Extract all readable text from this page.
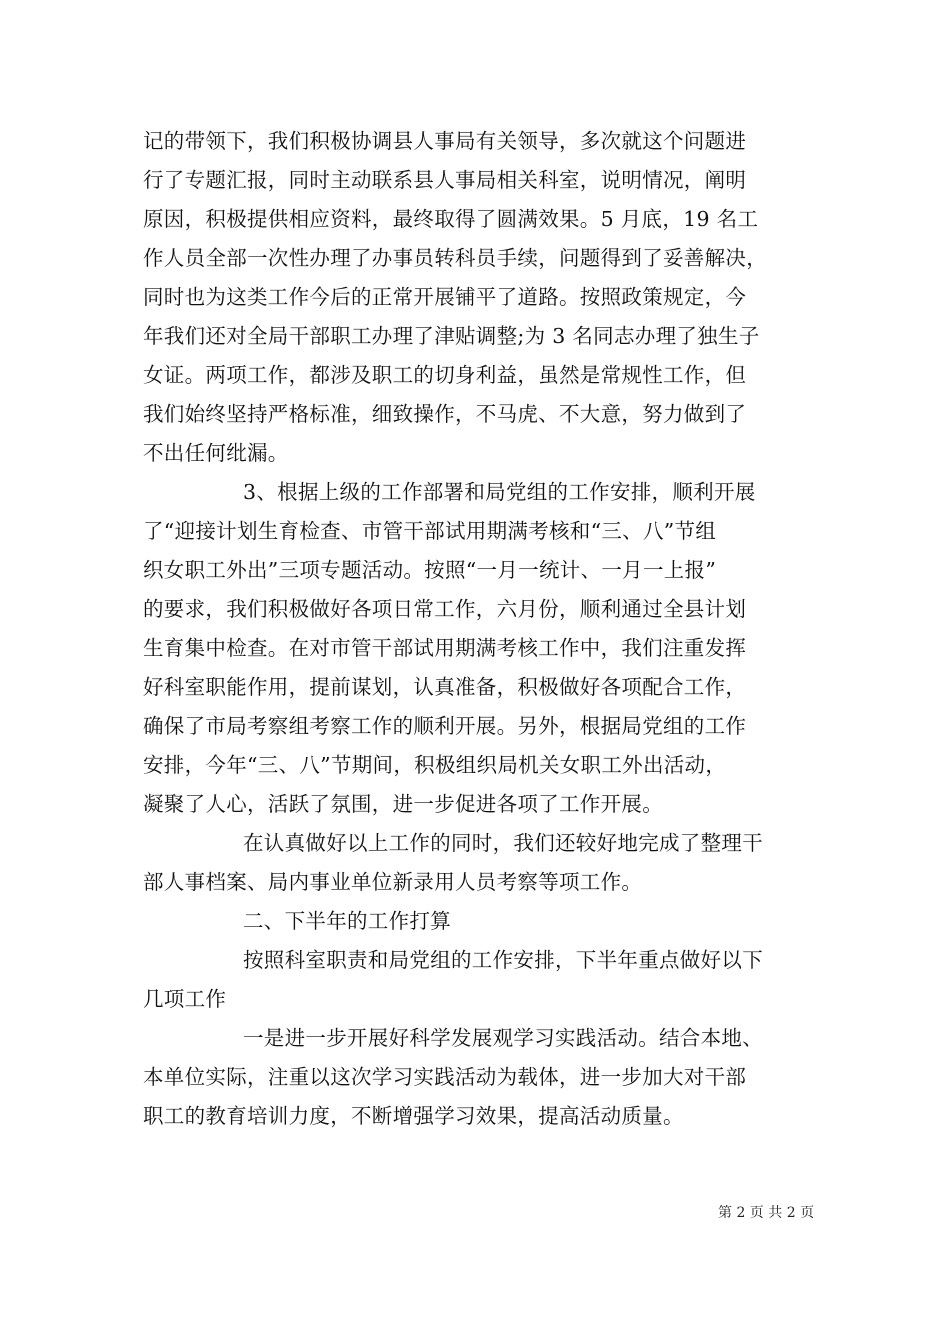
记的带领下，我们积极协调县人事局有关领导，多次就这个问题进
行了专题汇报，同时主动联系县人事局相关科室，说明情况，阐明
原因，积极提供相应资料，最终取得了圆满效果。5 月底，19 名工
作人员全部一次性办理了办事员转科员手续，问题得到了妥善解决，
同时也为这类工作今后的正常开展铺平了道路。按照政策规定，今
年我们还对全局干部职工办理了津贴调整;为 3 名同志办理了独生子
女证。两项工作，都涉及职工的切身利益，虽然是常规性工作，但
我们始终坚持严格标准，细致操作，不马虎、不大意，努力做到了
不出任何纰漏。
3、根据上级的工作部署和局党组的工作安排，顺利开展
了“迎接计划生育检查、市管干部试用期满考核和“三、八”节组
织女职工外出”三项专题活动。按照“一月一统计、一月一上报”
的要求，我们积极做好各项日常工作，六月份，顺利通过全县计划
生育集中检查。在对市管干部试用期满考核工作中，我们注重发挥
好科室职能作用，提前谋划，认真准备，积极做好各项配合工作，
确保了市局考察组考察工作的顺利开展。另外，根据局党组的工作
安排，今年“三、八”节期间，积极组织局机关女职工外出活动，
凝聚了人心，活跃了氛围，进一步促进各项了工作开展。
在认真做好以上工作的同时，我们还较好地完成了整理干
部人事档案、局内事业单位新录用人员考察等项工作。
二、下半年的工作打算
按照科室职责和局党组的工作安排，下半年重点做好以下
几项工作
一是进一步开展好科学发展观学习实践活动。结合本地、
本单位实际，注重以这次学习实践活动为载体，进一步加大对干部
职工的教育培训力度，不断增强学习效果，提高活动质量。
第 2 页 共 2 页
